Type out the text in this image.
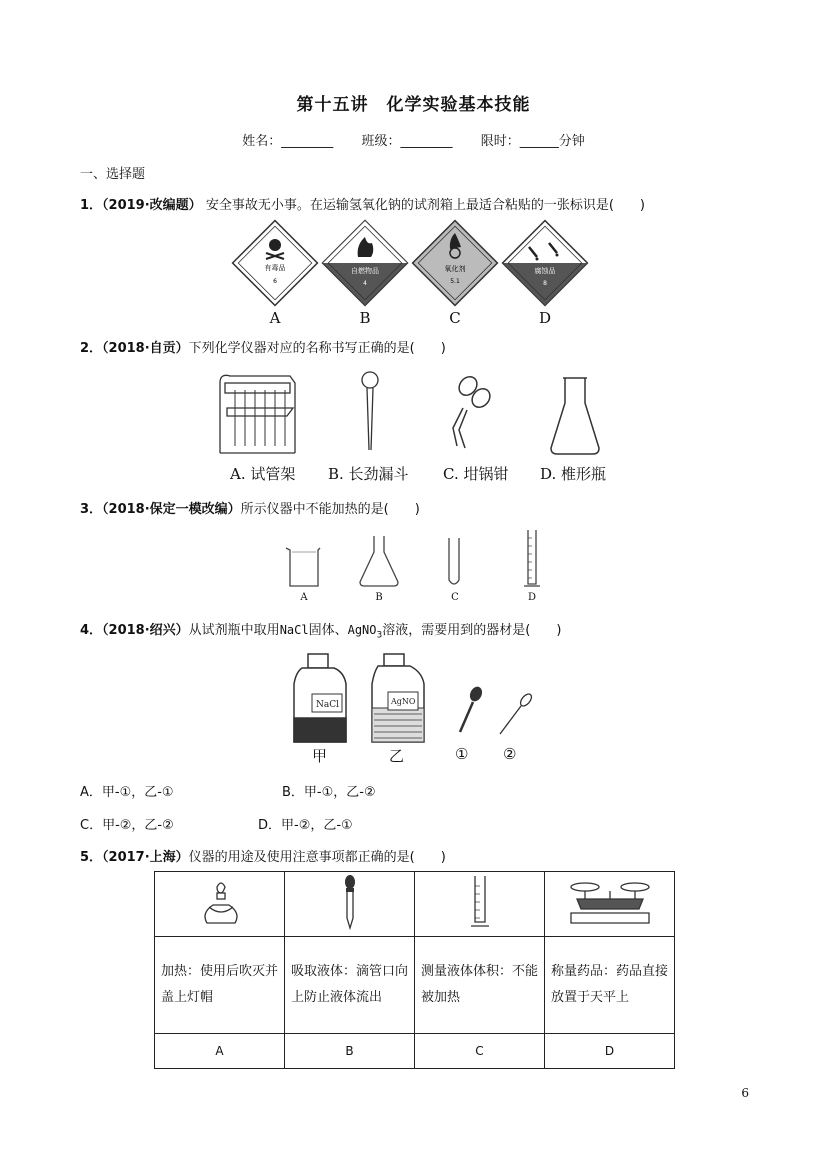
第十五讲　化学实验基本技能
姓名：________ 班级：________ 限时：______分钟
一、选择题
1．（2019·改编题） 安全事故无小事。在运输氢氧化钠的试剂箱上最适合粘贴的一张标识是(　　)
有毒品
6
自燃物品
4
氧化剂
5.1
腐蚀品
8
A	B	C	D
2．（2018·自贡）下列化学仪器对应的名称书写正确的是(　　)
A. 试管架 B. 长劲漏斗 C. 坩锅钳 D. 椎形瓶
3．（2018·保定一模改编）所示仪器中不能加热的是(　　)
A	B	C	D
4．（2018·绍兴）从试剂瓶中取用NaCl固体、AgNO$_3$溶液，需要用到的器材是(　　)
NaCl	AgNO
甲	乙	① ②
A．甲-①，乙-①	B．甲-①，乙-②
C．甲-②，乙-②	D．甲-②，乙-①
5．（2017·上海）仪器的用途及使用注意事项都正确的是(　　)

加热：使用后吹灭并盖上灯帽	吸取液体：滴管口向上防止液体流出	测量液体体积：不能被加热	称量药品：药品直接放置于天平上
A	B	C	D
6
